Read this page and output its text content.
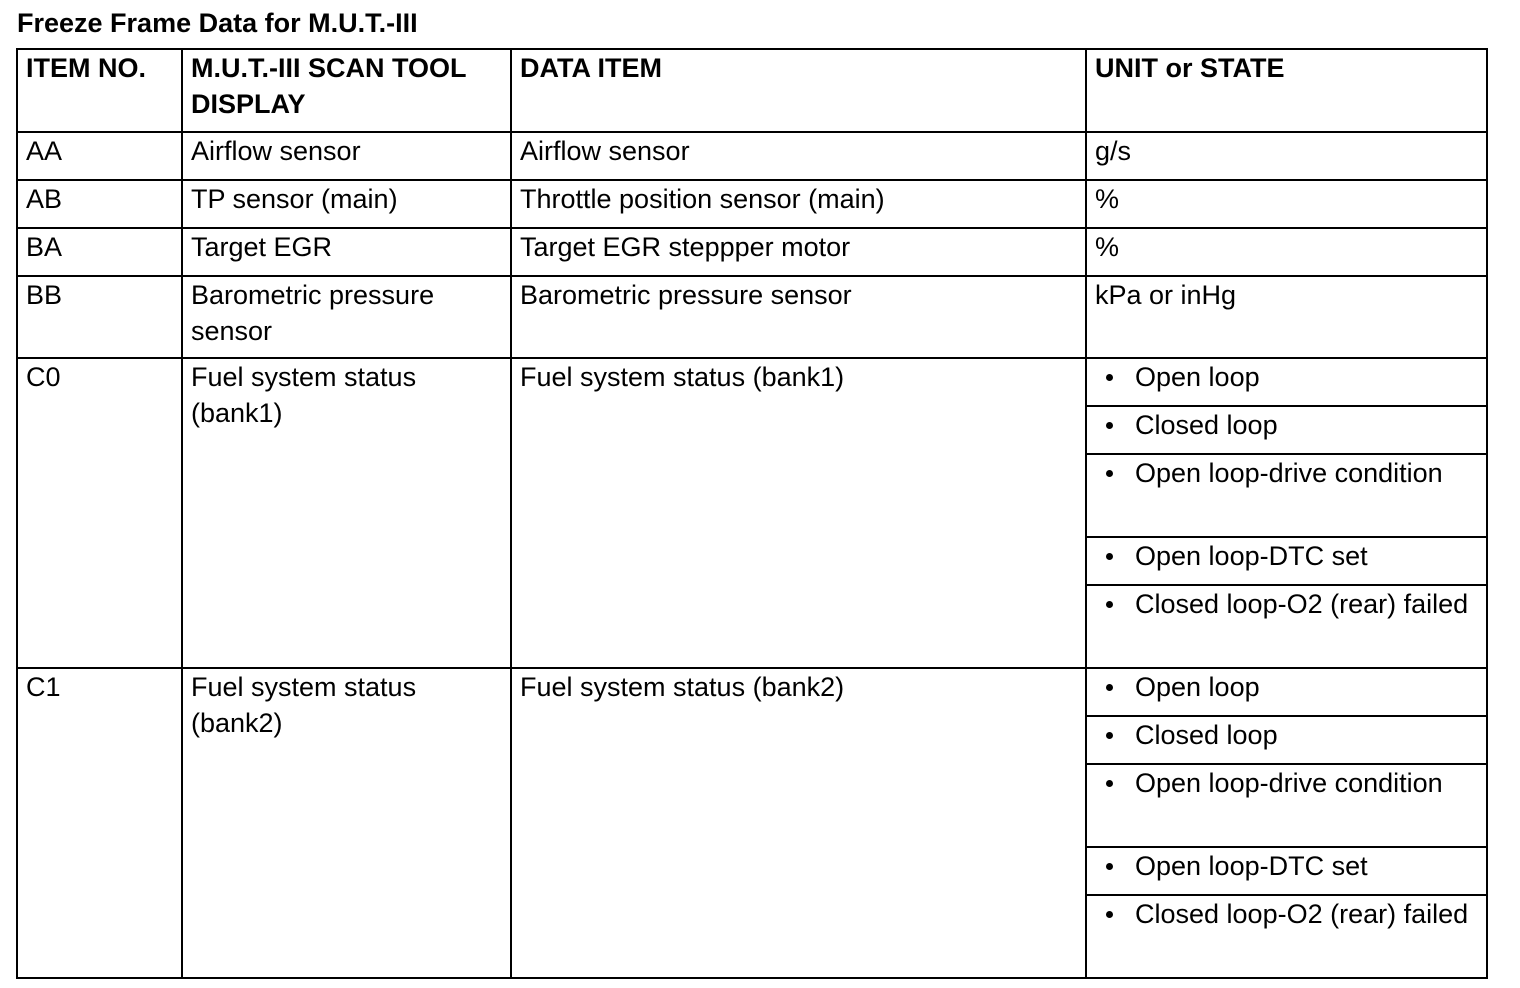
Freeze Frame Data for M.U.T.-III
ITEM NO.	M.U.T.-III SCAN TOOL DISPLAY	DATA ITEM	UNIT or STATE
AA	Airflow sensor	Airflow sensor	g/s
AB	TP sensor (main)	Throttle position sensor (main)	%
BA	Target EGR	Target EGR steppper motor	%
BB	Barometric pressure sensor	Barometric pressure sensor	kPa or inHg
C0	Fuel system status (bank1)	Fuel system status (bank1)	Open loop
			Closed loop
			Open loop-drive condition
			Open loop-DTC set
			Closed loop-O2 (rear) failed
C1	Fuel system status (bank2)	Fuel system status (bank2)	Open loop
			Closed loop
			Open loop-drive condition
			Open loop-DTC set
			Closed loop-O2 (rear) failed
